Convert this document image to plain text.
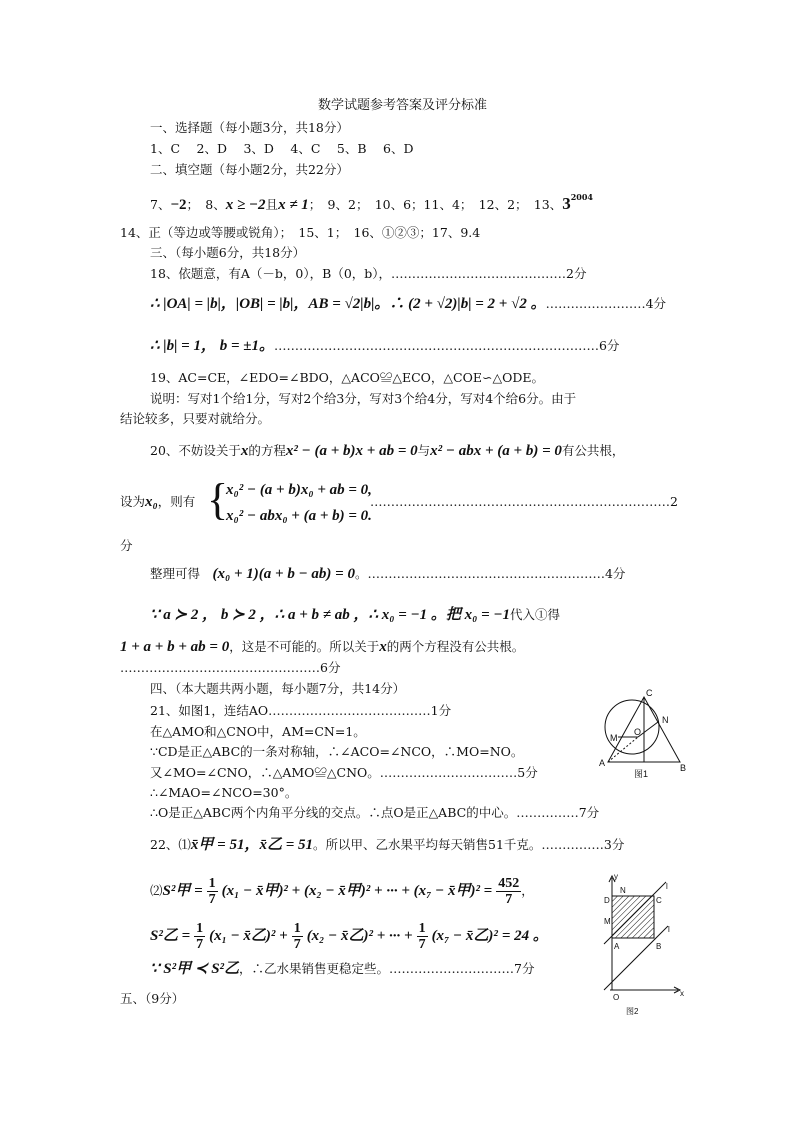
数学试题参考答案及评分标准
一、选择题（每小题3分，共18分）
1、C　 2、D　 3、D　 4、C　 5、B　 6、D
二、填空题（每小题2分，共22分）
7、−2；　8、x ≥ −2且x ≠ 1；　9、2；　10、6；11、4；　12、2；　13、$3^{2004}$
14、正（等边或等腰或锐角）；　15、1；　16、①②③；17、9.4
三、（每小题6分，共18分）
18、依题意，有A（－b，0），B（0，b），……………………………………2分
∴ |OA| = |b|，|OB| = |b|，AB = √2|b|。∴ (2 + √2)|b| = 2 + √2 。……………………4分
∴ |b| = 1， b = ±1。……………………………………………………………………6分
19、AC=CE，∠EDO=∠BDO，△ACO≌△ECO，△COE∽△ODE。
说明：写对1个给1分，写对2个给3分，写对3个给4分，写对4个给6分。由于
结论较多，只要对就给分。
20、不妨设关于x的方程x² − (a + b)x + ab = 0与x² − abx + (a + b) = 0有公共根，
设为x₀，则有 {
x₀² − (a + b)x₀ + ab = 0,
x₀² − abx₀ + (a + b) = 0.
………………………………………………………………2
分
整理可得　(x₀ + 1)(a + b − ab) = 0。…………………………………………………4分
∵ a ≻ 2 ， b ≻ 2 ，∴ a + b ≠ ab ，∴ x₀ = −1 。把 x₀ = −1代入①得
1 + a + b + ab = 0，这是不可能的。所以关于x的两个方程没有公共根。
…………………………………………6分
四、（本大题共两小题，每小题7分，共14分）
21、如图1，连结AO…………………………………1分
在△AMO和△CNO中，AM=CN=1。
∵CD是正△ABC的一条对称轴，∴∠ACO=∠NCO，∴MO=NO。
又∠MO=∠CNO，∴△AMO≌△CNO。……………………………5分
∴∠MAO=∠NCO=30°。
∴O是正△ABC两个内角平分线的交点。∴点O是正△ABC的中心。……………7分
22、⑴x̄甲 = 51，x̄乙 = 51。所以甲、乙水果平均每天销售51千克。……………3分
⑵S²甲 = $\frac{1}{7} (x_1$ − x̄甲)² + (x₂ − x̄甲)² + ··· + (x₇ − x̄甲)$^2 = \frac{452}{7}$ ，
S²乙 = $\frac{1}{7} (x_1$ − x̄乙)$^2 + \frac{1}{7} (x_2$ − x̄乙)² + ··· + $\frac{1}{7} (x_7$ − x̄乙)² = 24 。
∵ S²甲 ≺ S²乙，∴乙水果销售更稳定些。…………………………7分
五、（9分）
C
N
M
O
A	B
图1
y
x
N
C
D
M
A	B
O
l
l
图2
